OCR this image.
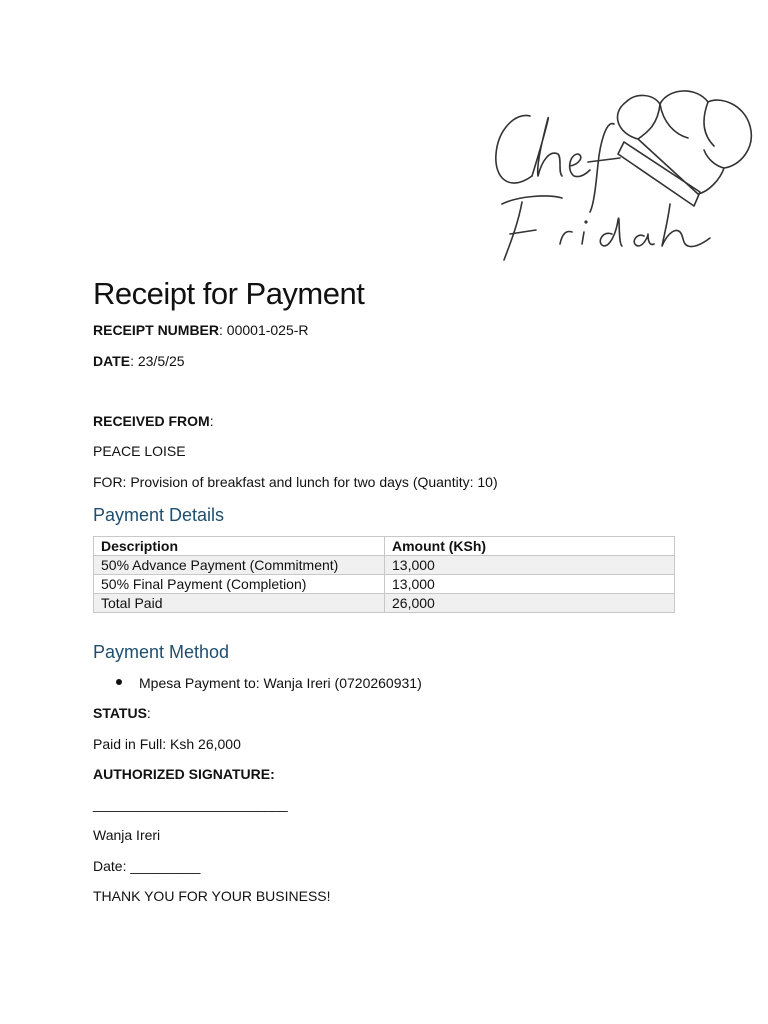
Receipt for Payment
RECEIPT NUMBER: 00001-025-R
DATE: 23/5/25
RECEIVED FROM:
PEACE LOISE
FOR: Provision of breakfast and lunch for two days (Quantity: 10)
Payment Details
Description	Amount (KSh)
50% Advance Payment (Commitment)	13,000
50% Final Payment (Completion)	13,000
Total Paid	26,000
Payment Method
Mpesa Payment to: Wanja Ireri (0720260931)
STATUS:
Paid in Full: Ksh 26,000
AUTHORIZED SIGNATURE:
_________________________
Wanja Ireri
Date: _________
THANK YOU FOR YOUR BUSINESS!
